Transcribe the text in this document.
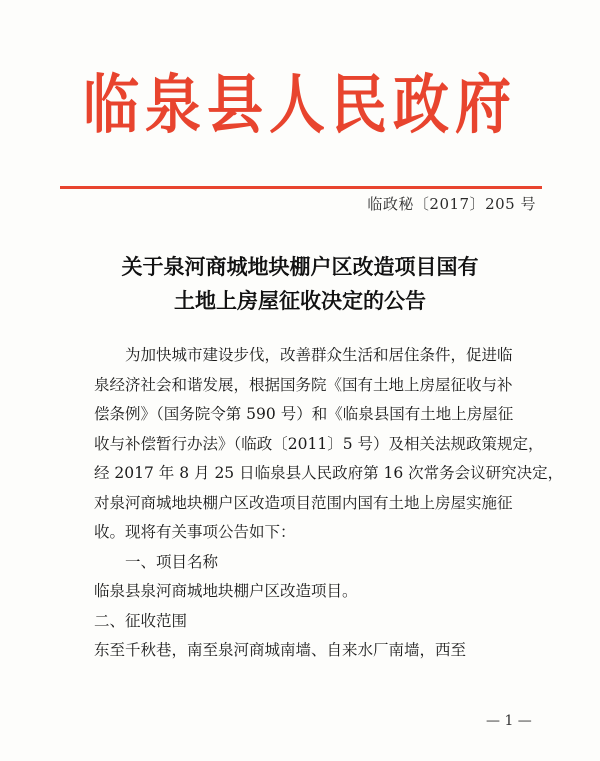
临泉县人民政府
临政秘〔2017〕205 号
关于泉河商城地块棚户区改造项目国有
土地上房屋征收决定的公告
为加快城市建设步伐，改善群众生活和居住条件，促进临
泉经济社会和谐发展，根据国务院《国有土地上房屋征收与补
偿条例》（国务院令第 590 号）和《临泉县国有土地上房屋征
收与补偿暂行办法》（临政〔2011〕5 号）及相关法规政策规定，
经 2017 年 8 月 25 日临泉县人民政府第 16 次常务会议研究决定，
对泉河商城地块棚户区改造项目范围内国有土地上房屋实施征
收。现将有关事项公告如下：
一、项目名称
临泉县泉河商城地块棚户区改造项目。
二、征收范围
东至千秋巷，南至泉河商城南墙、自来水厂南墙，西至
— 1 —
